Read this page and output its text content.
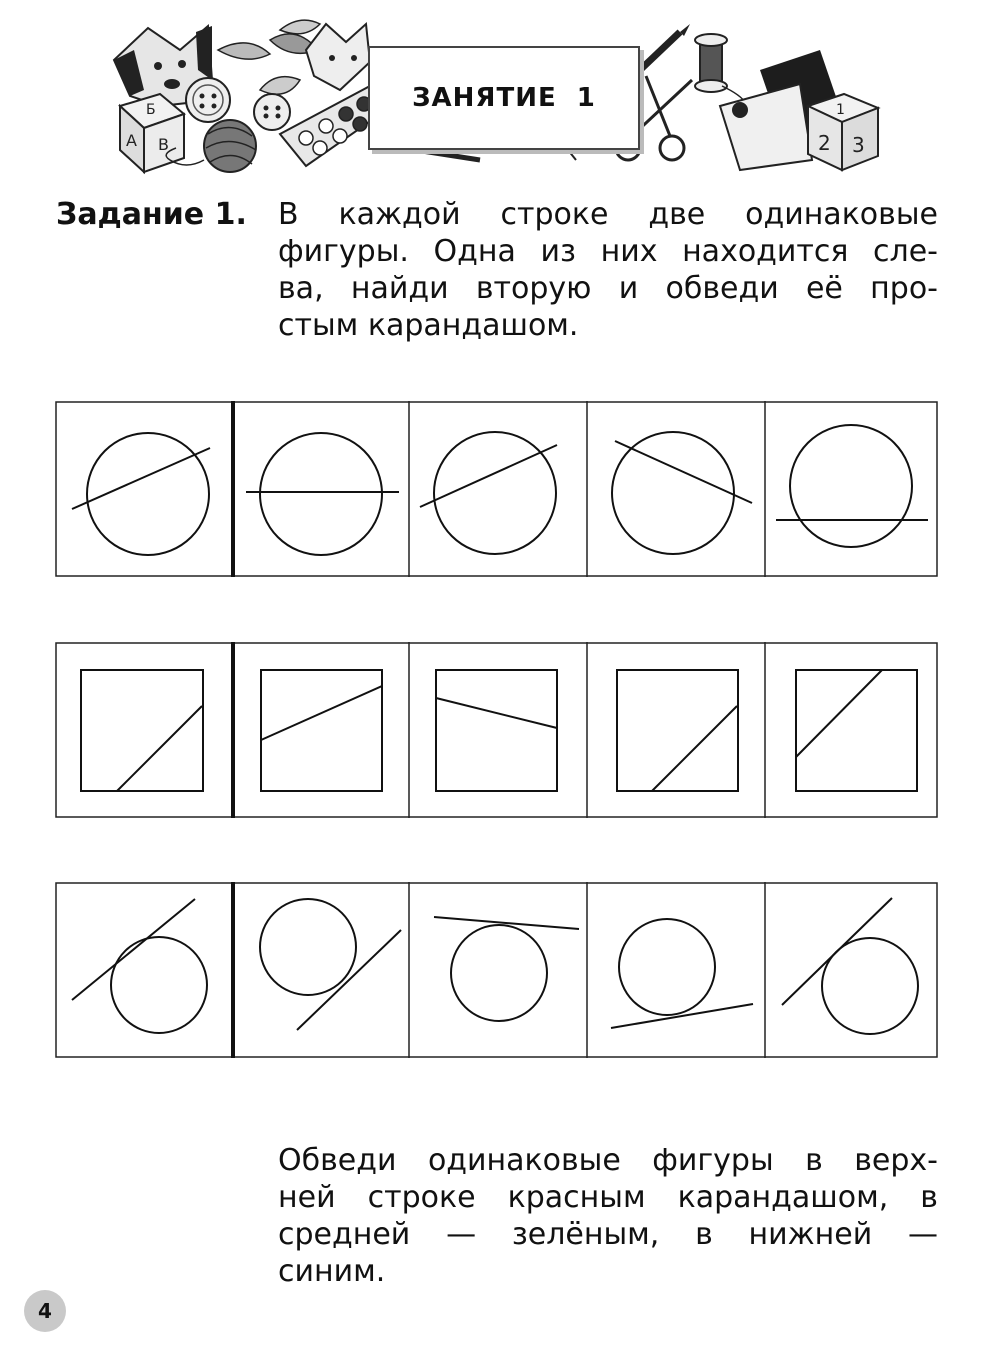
Б
А В
1
2 3
ЗАНЯТИЕ  1
Задание 1. В каждой строке две одинаковые
фигуры. Одна из них находится сле-
ва, найди вторую и обведи её про-
стым карандашом.
Обведи одинаковые фигуры в верх-
ней строке красным карандашом, в
средней — зелёным, в нижней —
синим.
4
